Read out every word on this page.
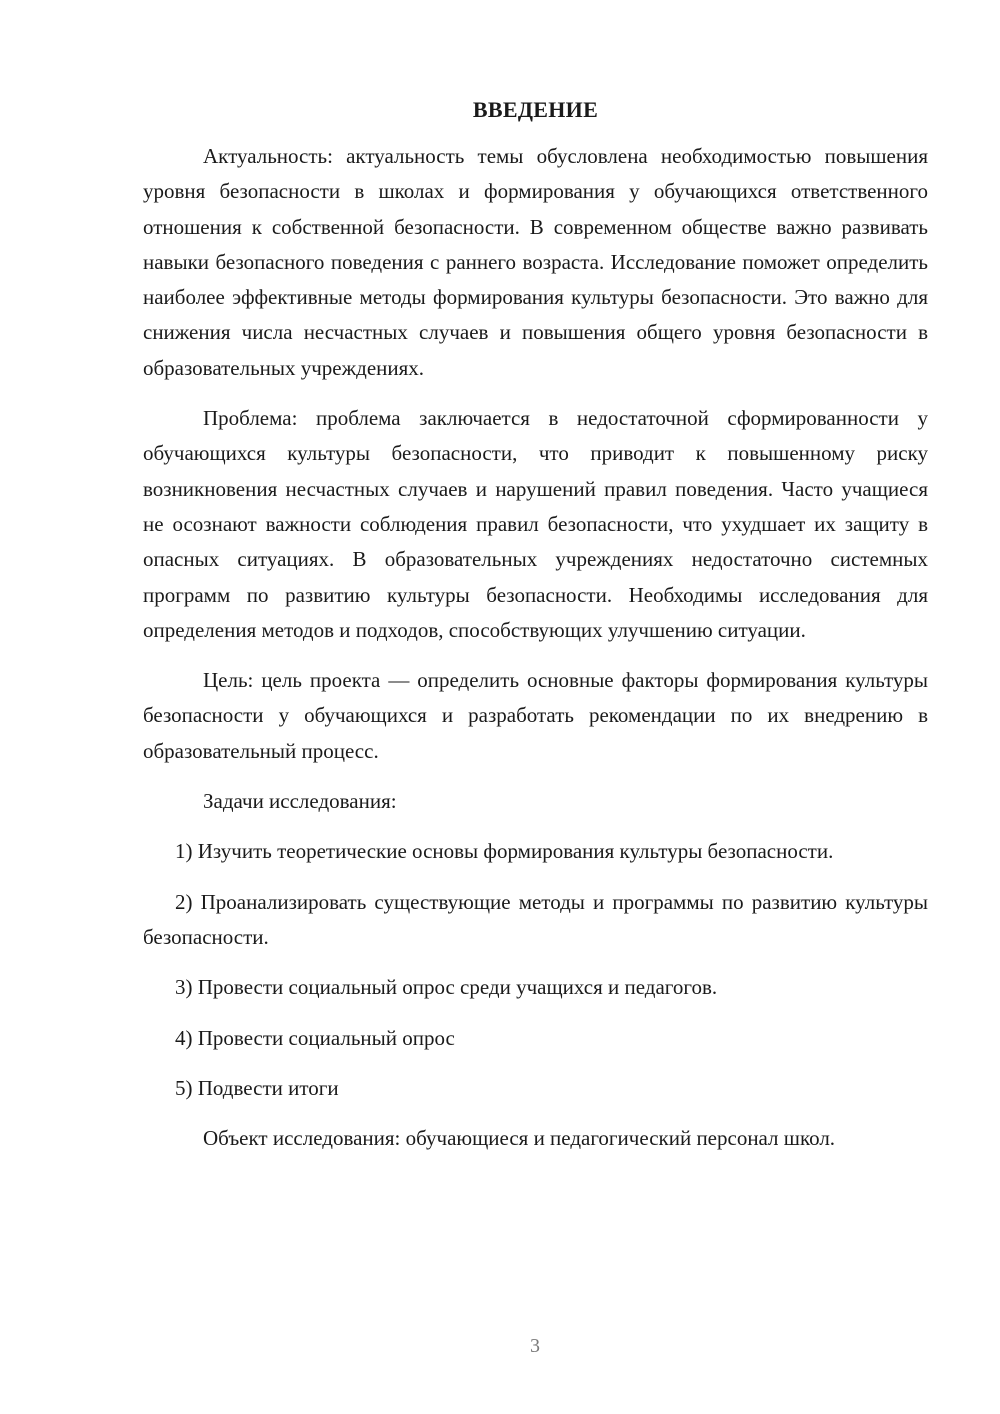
ВВЕДЕНИЕ

Актуальность: актуальность темы обусловлена необходимостью повышения уровня безопасности в школах и формирования у обучающихся ответственного отношения к собственной безопасности. В современном обществе важно развивать навыки безопасного поведения с раннего возраста. Исследование поможет определить наиболее эффективные методы формирования культуры безопасности. Это важно для снижения числа несчастных случаев и повышения общего уровня безопасности в образовательных учреждениях.

Проблема: проблема заключается в недостаточной сформированности у обучающихся культуры безопасности, что приводит к повышенному риску возникновения несчастных случаев и нарушений правил поведения. Часто учащиеся не осознают важности соблюдения правил безопасности, что ухудшает их защиту в опасных ситуациях. В образовательных учреждениях недостаточно системных программ по развитию культуры безопасности. Необходимы исследования для определения методов и подходов, способствующих улучшению ситуации.

Цель: цель проекта — определить основные факторы формирования культуры безопасности у обучающихся и разработать рекомендации по их внедрению в образовательный процесс.

Задачи исследования:

1) Изучить теоретические основы формирования культуры безопасности.

2) Проанализировать существующие методы и программы по развитию культуры безопасности.

3) Провести социальный опрос среди учащихся и педагогов.

4) Провести социальный опрос

5) Подвести итоги

Объект исследования: обучающиеся и педагогический персонал школ.

3
